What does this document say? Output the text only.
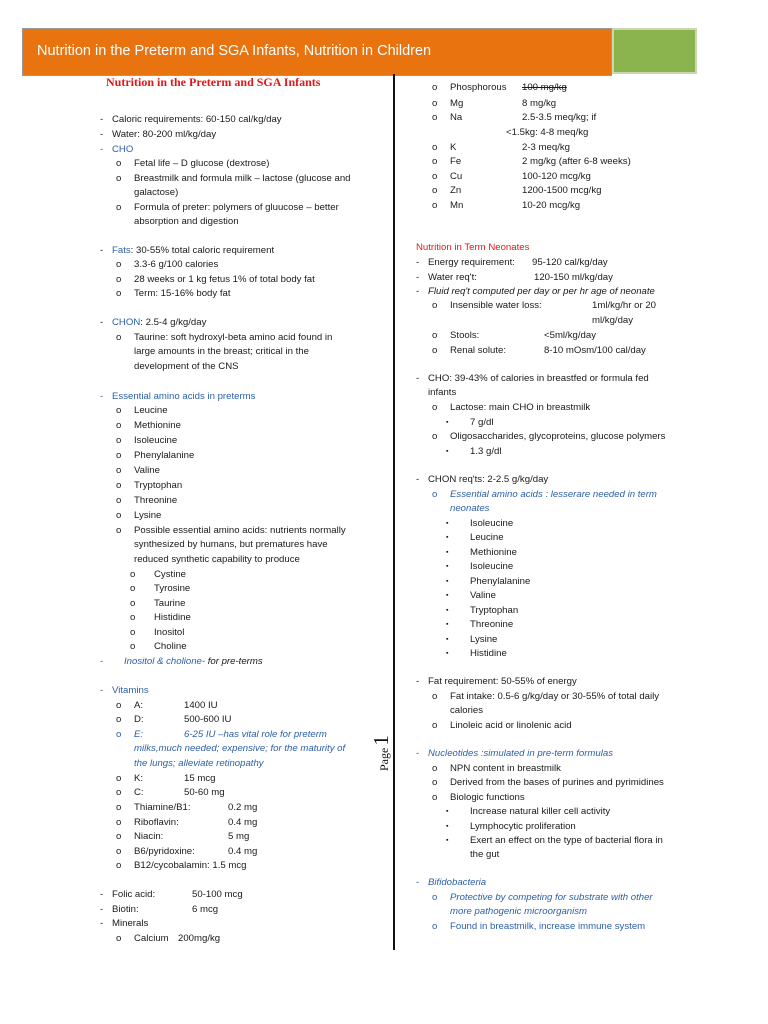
Nutrition in the Preterm and SGA Infants, Nutrition in Children
Page1
Nutrition in the Preterm and SGA Infants
- Caloric requirements: 60-150 cal/kg/day
- Water: 80-200 ml/kg/day
- CHO
o Fetal life – D glucose (dextrose)
o Breastmilk and formula milk – lactose (glucose and
galactose)
o Formula of preter: polymers of gluucose – better
absorption and digestion
- Fats: 30-55% total caloric requirement
o 3.3-6 g/100 calories
o 28 weeks or 1 kg fetus 1% of total body fat
o Term: 15-16% body fat
- CHON: 2.5-4 g/kg/day
o Taurine: soft hydroxyl-beta amino acid found in
large amounts in the breast; critical in the
development of the CNS
- Essential amino acids in preterms
o Leucine
o Methionine
o Isoleucine
o Phenylalanine
o Valine
o Tryptophan
o Threonine
o Lysine
o Possible essential amino acids: nutrients normally
synthesized by humans, but prematures have
reduced synthetic capability to produce
o Cystine
o Tyrosine
o Taurine
o Histidine
o Inositol
o Choline
- Inositol & cholione- for pre-terms
- Vitamins
o A:	1400 IU
o D:	500-600 IU
o E:	6-25 IU –has vital role for preterm
milks,much needed; expensive; for the maturity of
the lungs; alleviate retinopathy
o K:	15 mcg
o C:	50-60 mg
o Thiamine/B1:	0.2 mg
o Riboflavin:	0.4 mg
o Niacin:	5 mg
o B6/pyridoxine:	0.4 mg
o B12/cycobalamin: 1.5 mcg
- Folic acid:	50-100 mcg
- Biotin:	6 mcg
- Minerals
o Calcium 200mg/kg
o Phosphorous 100 mg/kg
o Mg	8 mg/kg
o Na	2.5-3.5 meq/kg; if
<1.5kg: 4-8 meq/kg
o K	2-3 meq/kg
o Fe	2 mg/kg (after 6-8 weeks)
o Cu	100-120 mcg/kg
o Zn	1200-1500 mcg/kg
o Mn	10-20 mcg/kg
Nutrition in Term Neonates
- Energy requirement: 95-120 cal/kg/day
- Water req't:	120-150 ml/kg/day
- Fluid req't computed per day or per hr age of neonate
o Insensible water loss:	1ml/kg/hr or 20
ml/kg/day
o Stools:	<5ml/kg/day
o Renal solute:	8-10 mOsm/100 cal/day
- CHO: 39-43% of calories in breastfed or formula fed
infants
o Lactose: main CHO in breastmilk
▪ 7 g/dl
o Oligosaccharides, glycoproteins, glucose polymers
▪ 1.3 g/dl
- CHON req'ts: 2-2.5 g/kg/day
o Essential amino acids : lesserare needed in term
neonates
▪ Isoleucine
▪ Leucine
▪ Methionine
▪ Isoleucine
▪ Phenylalanine
▪ Valine
▪ Tryptophan
▪ Threonine
▪ Lysine
▪ Histidine
- Fat requirement: 50-55% of energy
o Fat intake: 0.5-6 g/kg/day or 30-55% of total daily
calories
o Linoleic acid or linolenic acid
- Nucleotides :simulated in pre-term formulas
o NPN content in breastmilk
o Derived from the bases of purines and pyrimidines
o Biologic functions
▪ Increase natural killer cell activity
▪ Lymphocytic proliferation
▪ Exert an effect on the type of bacterial flora in
the gut
- Bifidobacteria
o Protective by competing for substrate with other
more pathogenic microorganism
o Found in breastmilk, increase immune system
